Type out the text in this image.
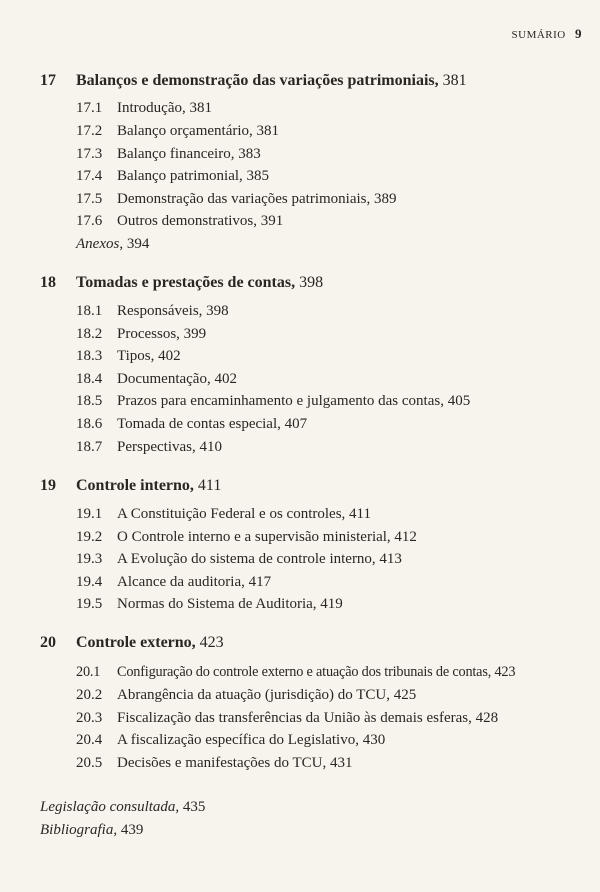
SUMÁRIO 9
17 Balanços e demonstração das variações patrimoniais, 381
17.1 Introdução, 381
17.2 Balanço orçamentário, 381
17.3 Balanço financeiro, 383
17.4 Balanço patrimonial, 385
17.5 Demonstração das variações patrimoniais, 389
17.6 Outros demonstrativos, 391
Anexos, 394
18 Tomadas e prestações de contas, 398
18.1 Responsáveis, 398
18.2 Processos, 399
18.3 Tipos, 402
18.4 Documentação, 402
18.5 Prazos para encaminhamento e julgamento das contas, 405
18.6 Tomada de contas especial, 407
18.7 Perspectivas, 410
19 Controle interno, 411
19.1 A Constituição Federal e os controles, 411
19.2 O Controle interno e a supervisão ministerial, 412
19.3 A Evolução do sistema de controle interno, 413
19.4 Alcance da auditoria, 417
19.5 Normas do Sistema de Auditoria, 419
20 Controle externo, 423
20.1 Configuração do controle externo e atuação dos tribunais de contas, 423
20.2 Abrangência da atuação (jurisdição) do TCU, 425
20.3 Fiscalização das transferências da União às demais esferas, 428
20.4 A fiscalização específica do Legislativo, 430
20.5 Decisões e manifestações do TCU, 431
Legislação consultada, 435
Bibliografia, 439
